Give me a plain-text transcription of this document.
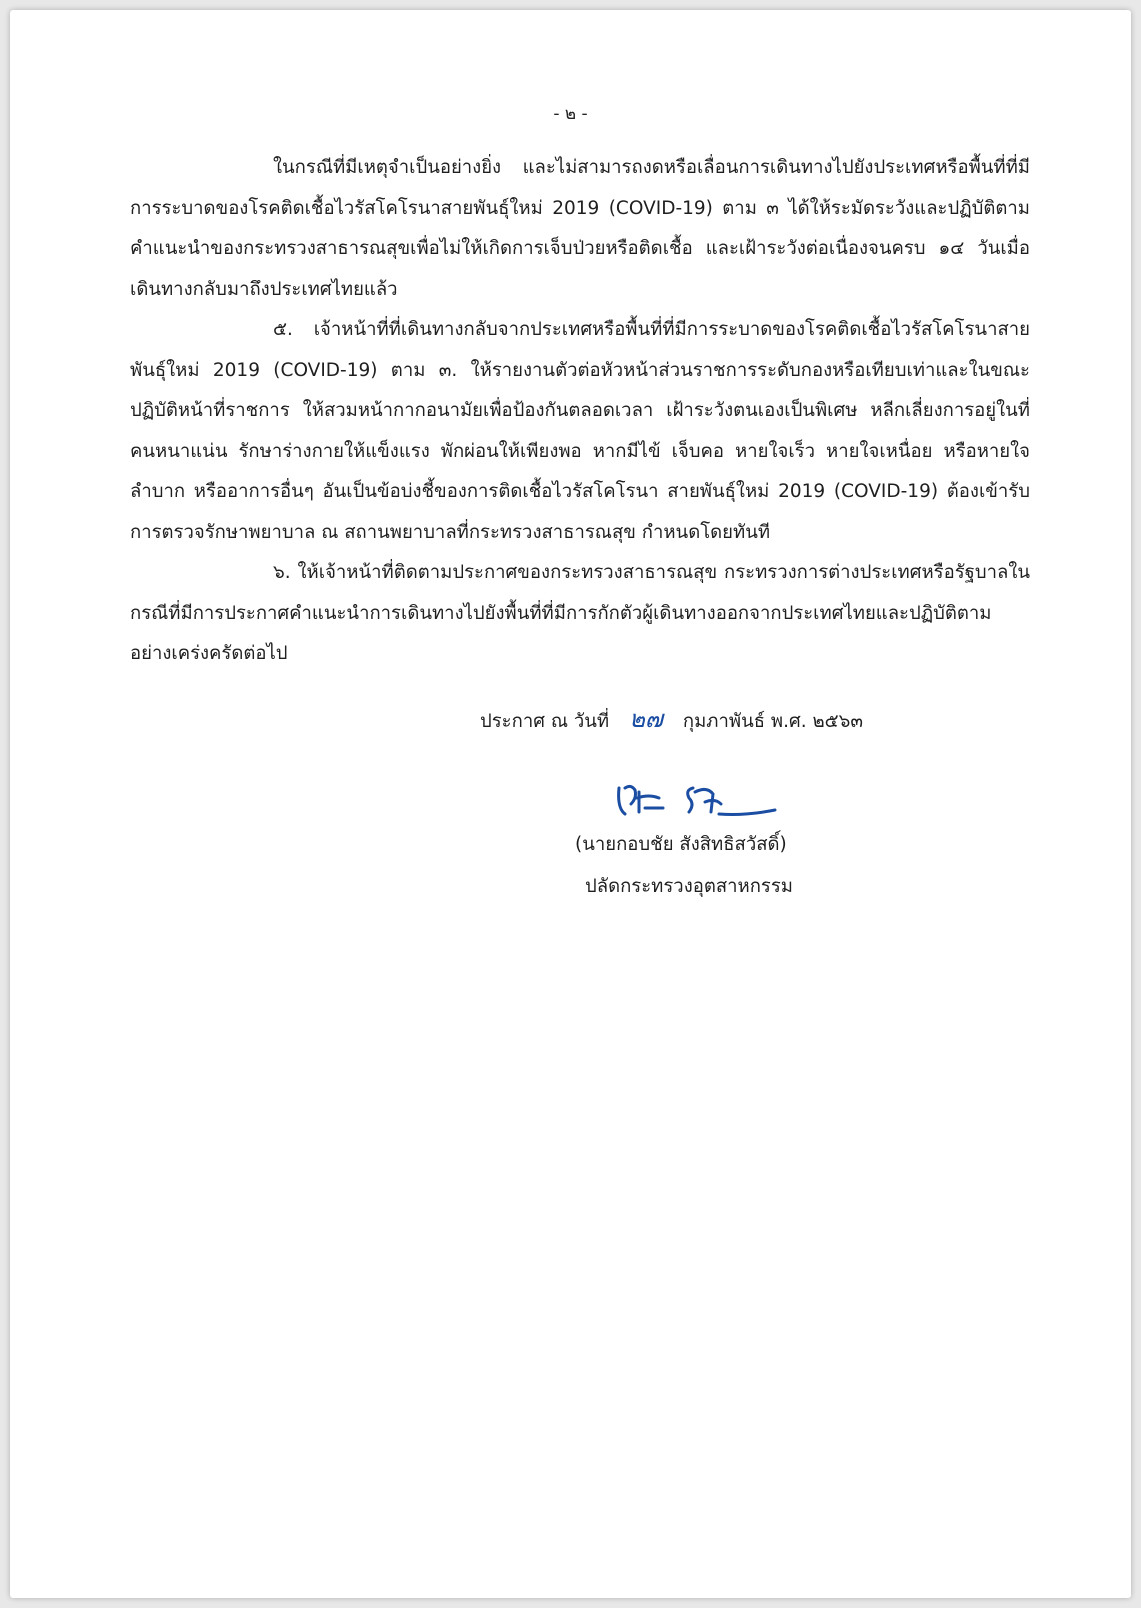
- ๒ -

ในกรณีที่มีเหตุจำเป็นอย่างยิ่ง และไม่สามารถงดหรือเลื่อนการเดินทางไปยังประเทศหรือพื้นที่ที่มีการระบาดของโรคติดเชื้อไวรัสโคโรนาสายพันธุ์ใหม่ 2019 (COVID-19) ตาม ๓ ได้ให้ระมัดระวังและปฏิบัติตามคำแนะนำของกระทรวงสาธารณสุขเพื่อไม่ให้เกิดการเจ็บป่วยหรือติดเชื้อ และเฝ้าระวังต่อเนื่องจนครบ ๑๔ วันเมื่อเดินทางกลับมาถึงประเทศไทยแล้ว

๕. เจ้าหน้าที่ที่เดินทางกลับจากประเทศหรือพื้นที่ที่มีการระบาดของโรคติดเชื้อไวรัสโคโรนาสายพันธุ์ใหม่ 2019 (COVID-19) ตาม ๓. ให้รายงานตัวต่อหัวหน้าส่วนราชการระดับกองหรือเทียบเท่าและในขณะปฏิบัติหน้าที่ราชการ ให้สวมหน้ากากอนามัยเพื่อป้องกันตลอดเวลา เฝ้าระวังตนเองเป็นพิเศษ หลีกเลี่ยงการอยู่ในที่คนหนาแน่น รักษาร่างกายให้แข็งแรง พักผ่อนให้เพียงพอ หากมีไข้ เจ็บคอ หายใจเร็ว หายใจเหนื่อย หรือหายใจลำบาก หรืออาการอื่นๆ อันเป็นข้อบ่งชี้ของการติดเชื้อไวรัสโคโรนา สายพันธุ์ใหม่ 2019 (COVID-19) ต้องเข้ารับการตรวจรักษาพยาบาล ณ สถานพยาบาลที่กระทรวงสาธารณสุข กำหนดโดยทันที

๖. ให้เจ้าหน้าที่ติดตามประกาศของกระทรวงสาธารณสุข กระทรวงการต่างประเทศหรือรัฐบาลในกรณีที่มีการประกาศคำแนะนำการเดินทางไปยังพื้นที่ที่มีการกักตัวผู้เดินทางออกจากประเทศไทยและปฏิบัติตามอย่างเคร่งครัดต่อไป

ประกาศ ณ วันที่ ๒๗ กุมภาพันธ์ พ.ศ. ๒๕๖๓
(นายกอบชัย สังสิทธิสวัสดิ์)
ปลัดกระทรวงอุตสาหกรรม
